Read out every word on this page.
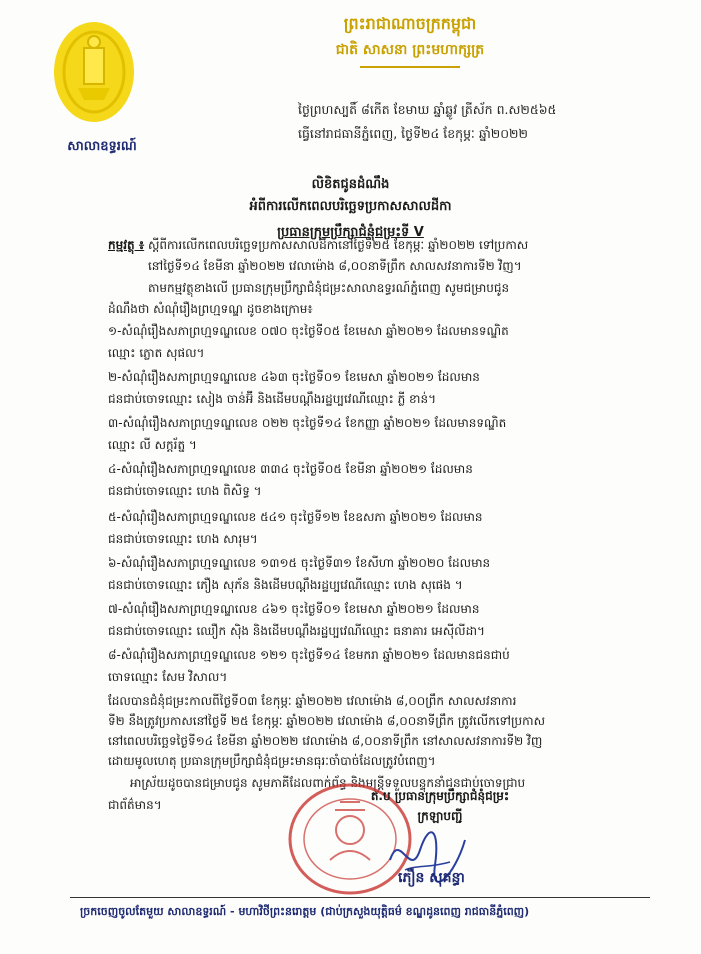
សាលាឧទ្ធរណ៍
ព្រះរាជាណាចក្រកម្ពុជា
ជាតិ សាសនា ព្រះមហាក្សត្រ
ថ្ងៃព្រហស្បតិ៍ ៨កើត ខែមាឃ ឆ្នាំឆ្លូវ ត្រីស័ក ព.ស២៥៦៥
ធ្វើនៅរាជធានីភ្នំពេញ, ថ្ងៃទី២៤ ខែកុម្ភៈ ឆ្នាំ២០២២
លិខិតជូនដំណឹង
អំពីការលើកពេលបរិច្ឆេទប្រកាសសាលដីកា
ប្រធានក្រុមប្រឹក្សាជំនុំជម្រះទី V
កម្មវត្ថុ ៖ ស្តីពីការលើកពេលបរិច្ឆេទប្រកាសសាលដីកានៅថ្ងៃទី២៥ ខែកុម្ភៈ ឆ្នាំ២០២២ ទៅប្រកាស
នៅថ្ងៃទី១៤ ខែមីនា ឆ្នាំ២០២២ វេលាម៉ោង ៨,០០នាទីព្រឹក សាលសវនាការទី២ វិញ។
តាមកម្មវត្ថុខាងលើ ប្រធានក្រុមប្រឹក្សាជំនុំជម្រះសាលាឧទ្ធរណ៍ភ្នំពេញ សូមជម្រាបជូន
ដំណឹងថា សំណុំរឿងព្រហ្មទណ្ឌ ដូចខាងក្រោម៖
១-សំណុំរឿងសភាព្រហ្មទណ្ឌលេខ ០៧០ ចុះថ្ងៃទី០៥ ខែមេសា ឆ្នាំ២០២១ ដែលមានទណ្ឌិត
ឈ្មោះ ភ្លោត សុផល។
២-សំណុំរឿងសភាព្រហ្មទណ្ឌលេខ ៤៦៣ ចុះថ្ងៃទី០១ ខែមេសា ឆ្នាំ២០២១ ដែលមាន
ជនជាប់ចោទឈ្មោះ សៀង ចាន់អ៊ី និងដើមបណ្តឹងរដ្ឋប្បវេណីឈ្មោះ ភ្លី ខាន់។
៣-សំណុំរឿងសភាព្រហ្មទណ្ឌលេខ ០២២ ចុះថ្ងៃទី១៤ ខែកញ្ញា ឆ្នាំ២០២១ ដែលមានទណ្ឌិត
ឈ្មោះ លី សក្តរ័ត្ន ។
៤-សំណុំរឿងសភាព្រហ្មទណ្ឌលេខ ៣៣៤ ចុះថ្ងៃទី០៥ ខែមីនា ឆ្នាំ២០២១ ដែលមាន
ជនជាប់ចោទឈ្មោះ ហេង ពិសិទ្ធ ។
៥-សំណុំរឿងសភាព្រហ្មទណ្ឌលេខ ៥៤១ ចុះថ្ងៃទី១២ ខែឧសភា ឆ្នាំ២០២១ ដែលមាន
ជនជាប់ចោទឈ្មោះ ហេង សារុម។
៦-សំណុំរឿងសភាព្រហ្មទណ្ឌលេខ ១៣១៥ ចុះថ្ងៃទី៣១ ខែសីហា ឆ្នាំ២០២០ ដែលមាន
ជនជាប់ចោទឈ្មោះ ភឿង សុភ័ន និងដើមបណ្តឹងរដ្ឋប្បវេណីឈ្មោះ ហេង សុផេង ។
៧-សំណុំរឿងសភាព្រហ្មទណ្ឌលេខ ៤៦១ ចុះថ្ងៃទី០១ ខែមេសា ឆ្នាំ២០២១ ដែលមាន
ជនជាប់ចោទឈ្មោះ ឈឿក ស៊ិង និងដើមបណ្តឹងរដ្ឋប្បវេណីឈ្មោះ ធនាគារ អេស៊ីលីដា។
៨-សំណុំរឿងសភាព្រហ្មទណ្ឌលេខ ១២១ ចុះថ្ងៃទី១៤ ខែមករា ឆ្នាំ២០២១ ដែលមានជនជាប់
ចោទឈ្មោះ សែម វិសាល។
ដែលបានជំនុំជម្រះកាលពីថ្ងៃទី០៣ ខែកុម្ភៈ ឆ្នាំ២០២២ វេលាម៉ោង ៨,០០ព្រឹក សាលសវនាការ
ទី២ នឹងត្រូវប្រកាសនៅថ្ងៃទី ២៥ ខែកុម្ភៈ ឆ្នាំ២០២២ វេលាម៉ោង ៨,០០នាទីព្រឹក ត្រូវលើកទៅប្រកាស
នៅពេលបរិច្ឆេទថ្ងៃទី១៤ ខែមីនា ឆ្នាំ២០២២ វេលាម៉ោង ៨,០០នាទីព្រឹក នៅសាលសវនាការទី២ វិញ
ដោយមូលហេតុ ប្រធានក្រុមប្រឹក្សាជំនុំជម្រះមានធុរៈចាំបាច់ដែលត្រូវបំពេញ។
អាស្រ័យដូចបានជម្រាបជូន សូមភាគីដែលពាក់ព័ន្ធ និងមន្ត្រីទទួលបន្ទុកនាំជនជាប់ចោទជ្រាប
ជាព័ត៌មាន។
ត.ប ប្រធានក្រុមប្រឹក្សាជំនុំជម្រះ
ក្រឡាបញ្ជី
ភឿន សុគន្ធា
ច្រកចេញចូលតែមួយ សាលាឧទ្ធរណ៍ - មហាវិថីព្រះនរោត្តម (ជាប់ក្រសួងយុត្តិធម៌ ខណ្ឌដូនពេញ រាជធានីភ្នំពេញ)
